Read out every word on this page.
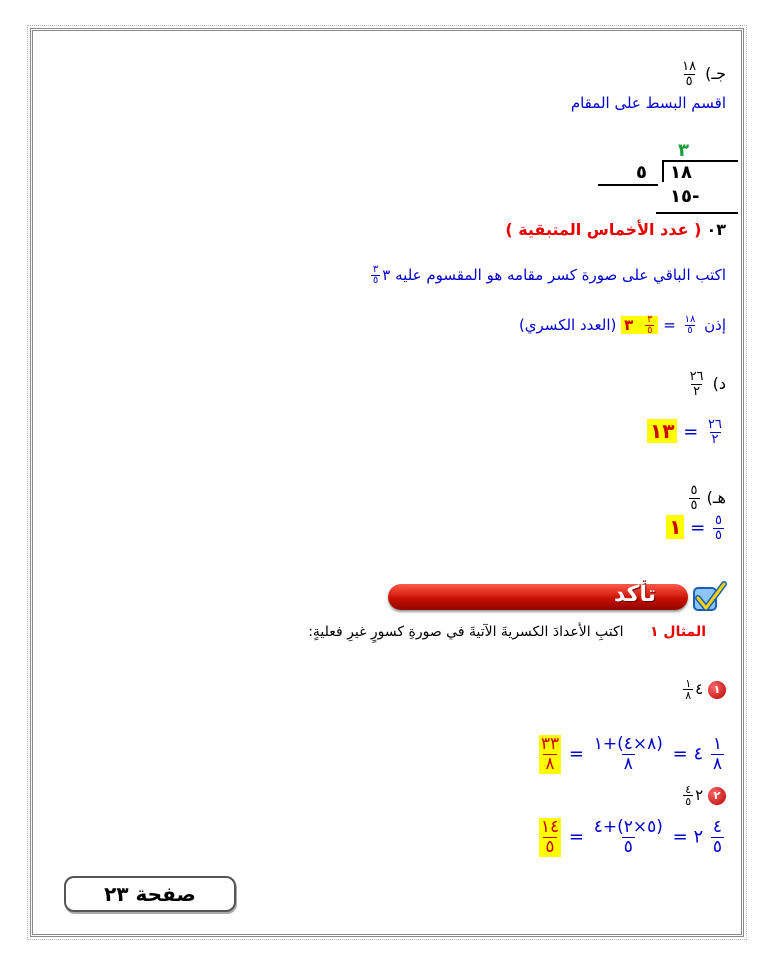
جـ)
$\frac{١٨}{٥}$
اقسم البسط على المقام
٣
٥ ١٨
١٥-
٠٣ ( عدد الأخماس المتبقية )
اكتب الباقي على صورة كسر مقامه هو المقسوم عليه ٣
$\frac{٣}{٥}$
إذن
$\frac{١٨}{٥}$
=
$\frac{٣}{٥}$
٣ (العدد الكسري)
د)
$\frac{٢٦}{٢}$
$\frac{٢٦}{٢}$
= ١٣
هـ)
$\frac{٥}{٥}$
$\frac{٥}{٥}$
= ١
تأكد
المثال ١ اكتبِ الأعدادَ الكسريةَ الآتيةَ في صورةِ كسورٍ غيرِ فعليةٍ:
١ ٤
$\frac{١}{٨}$
$\frac{١}{٨}$
٤ =
$\frac{(٨\times ٤)+١}{٨}$
=
$\frac{٣٣}{٨}$
٢ ٢
$\frac{٤}{٥}$
$\frac{٤}{٥}$
٢ =
$\frac{(٥\times ٢)+٤}{٥}$
=
$\frac{١٤}{٥}$
صفحة ٢٣
